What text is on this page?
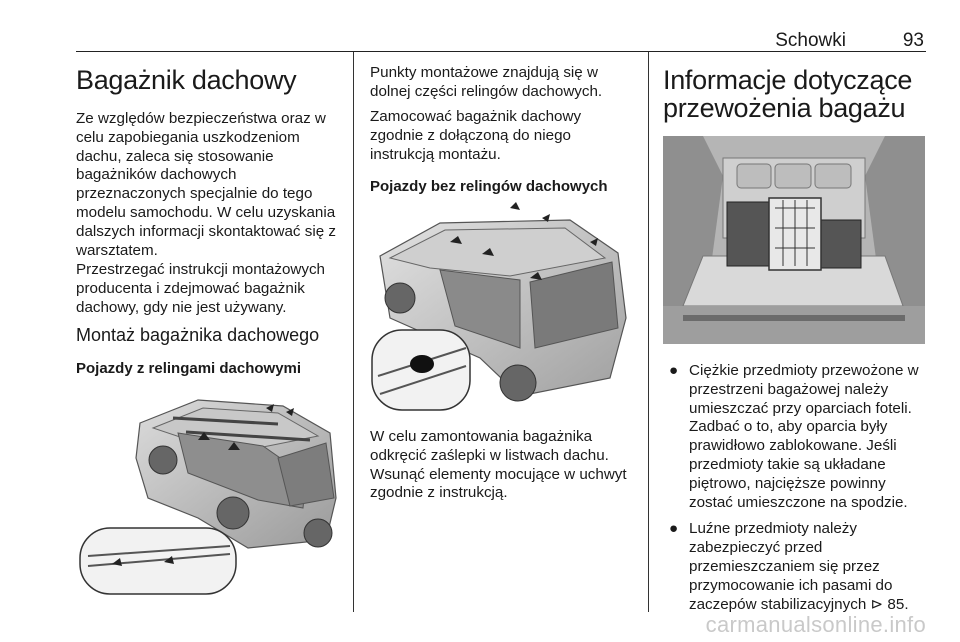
Schowki	93
Bagażnik dachowy

Ze względów bezpieczeństwa oraz w celu zapobiegania uszkodzeniom dachu, zaleca się stosowanie bagażników dachowych przeznaczonych specjalnie do tego modelu samochodu. W celu uzyskania dalszych informacji skontaktować się z warsztatem.

Przestrzegać instrukcji montażowych producenta i zdejmować bagażnik dachowy, gdy nie jest używany.

Montaż bagażnika dachowego
Pojazdy z relingami dachowymi

Punkty montażowe znajdują się w dolnej części relingów dachowych.

Zamocować bagażnik dachowy zgodnie z dołączoną do niego instrukcją montażu.

Pojazdy bez relingów dachowych

W celu zamontowania bagażnika odkręcić zaślepki w listwach dachu. Wsunąć elementy mocujące w uchwyt zgodnie z instrukcją.

Informacje dotyczące przewożenia bagażu
● Ciężkie przedmioty przewożone w przestrzeni bagażowej należy umieszczać przy oparciach foteli. Zadbać o to, aby oparcia były prawidłowo zablokowane. Jeśli przedmioty takie są układane piętrowo, najcięższe powinny zostać umieszczone na spodzie.
● Luźne przedmioty należy zabezpieczyć przed przemieszczaniem się przez przymocowanie ich pasami do zaczepów stabilizacyjnych ⊳ 85.
carmanualsonline.info
